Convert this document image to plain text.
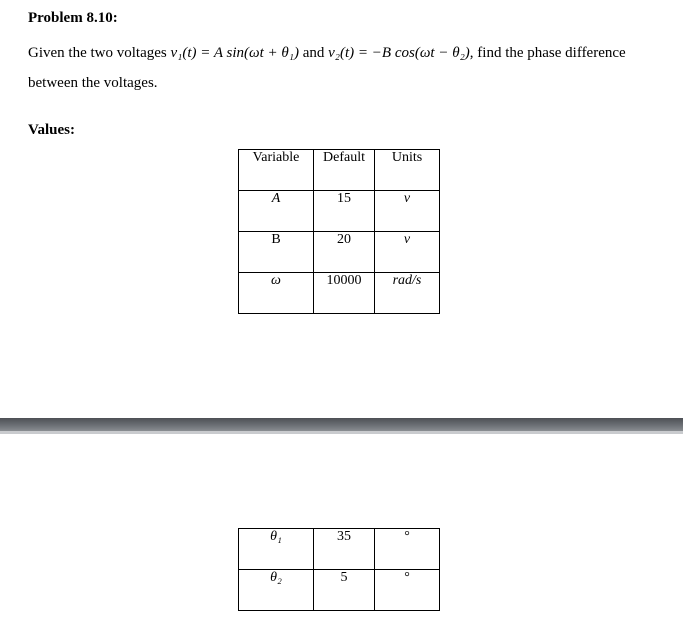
Problem 8.10:
Given the two voltages v₁(t) = A sin(ωt + θ₁) and v₂(t) = −B cos(ωt − θ₂), find the phase difference between the voltages.
Values:
Variable	Default	Units
A	15	v
B	20	v
ω	10000	rad/s
θ₁	35	°
θ₂	5	°
